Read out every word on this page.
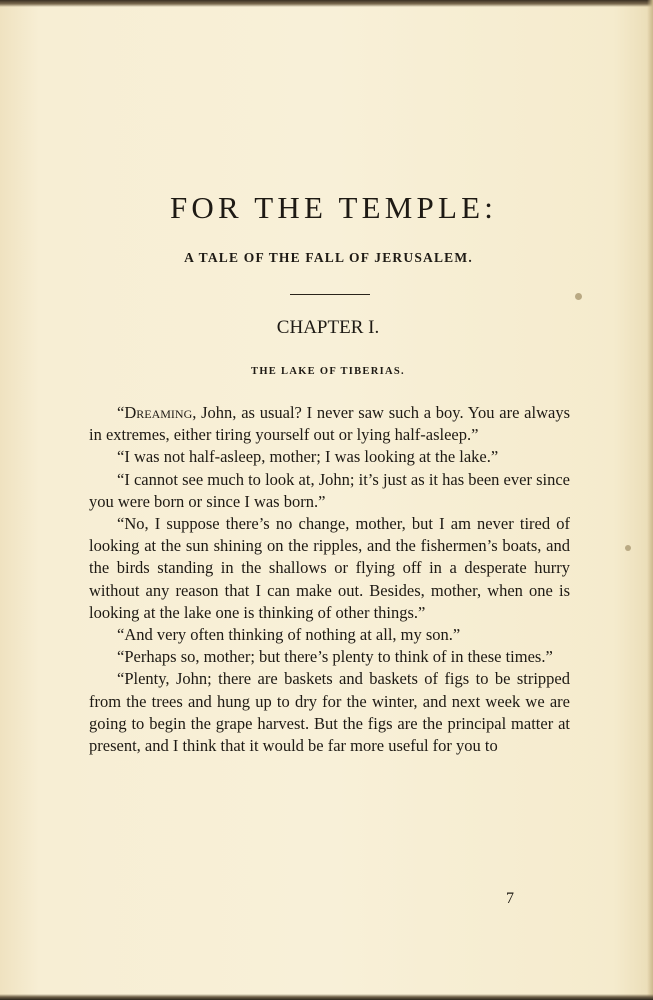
FOR THE TEMPLE:
A TALE OF THE FALL OF JERUSALEM.
CHAPTER I.
THE LAKE OF TIBERIAS.

“Dreaming, John, as usual? I never saw such a boy. You are always in extremes, either tiring yourself out or lying half-asleep.”

“I was not half-asleep, mother; I was looking at the lake.”

“I cannot see much to look at, John; it’s just as it has been ever since you were born or since I was born.”

“No, I suppose there’s no change, mother, but I am never tired of looking at the sun shining on the ripples, and the fishermen’s boats, and the birds standing in the shallows or flying off in a desperate hurry without any reason that I can make out. Besides, mother, when one is looking at the lake one is thinking of other things.”

“And very often thinking of nothing at all, my son.”

“Perhaps so, mother; but there’s plenty to think of in these times.”

“Plenty, John; there are baskets and baskets of figs to be stripped from the trees and hung up to dry for the winter, and next week we are going to begin the grape harvest. But the figs are the principal matter at present, and I think that it would be far more useful for you to

7
